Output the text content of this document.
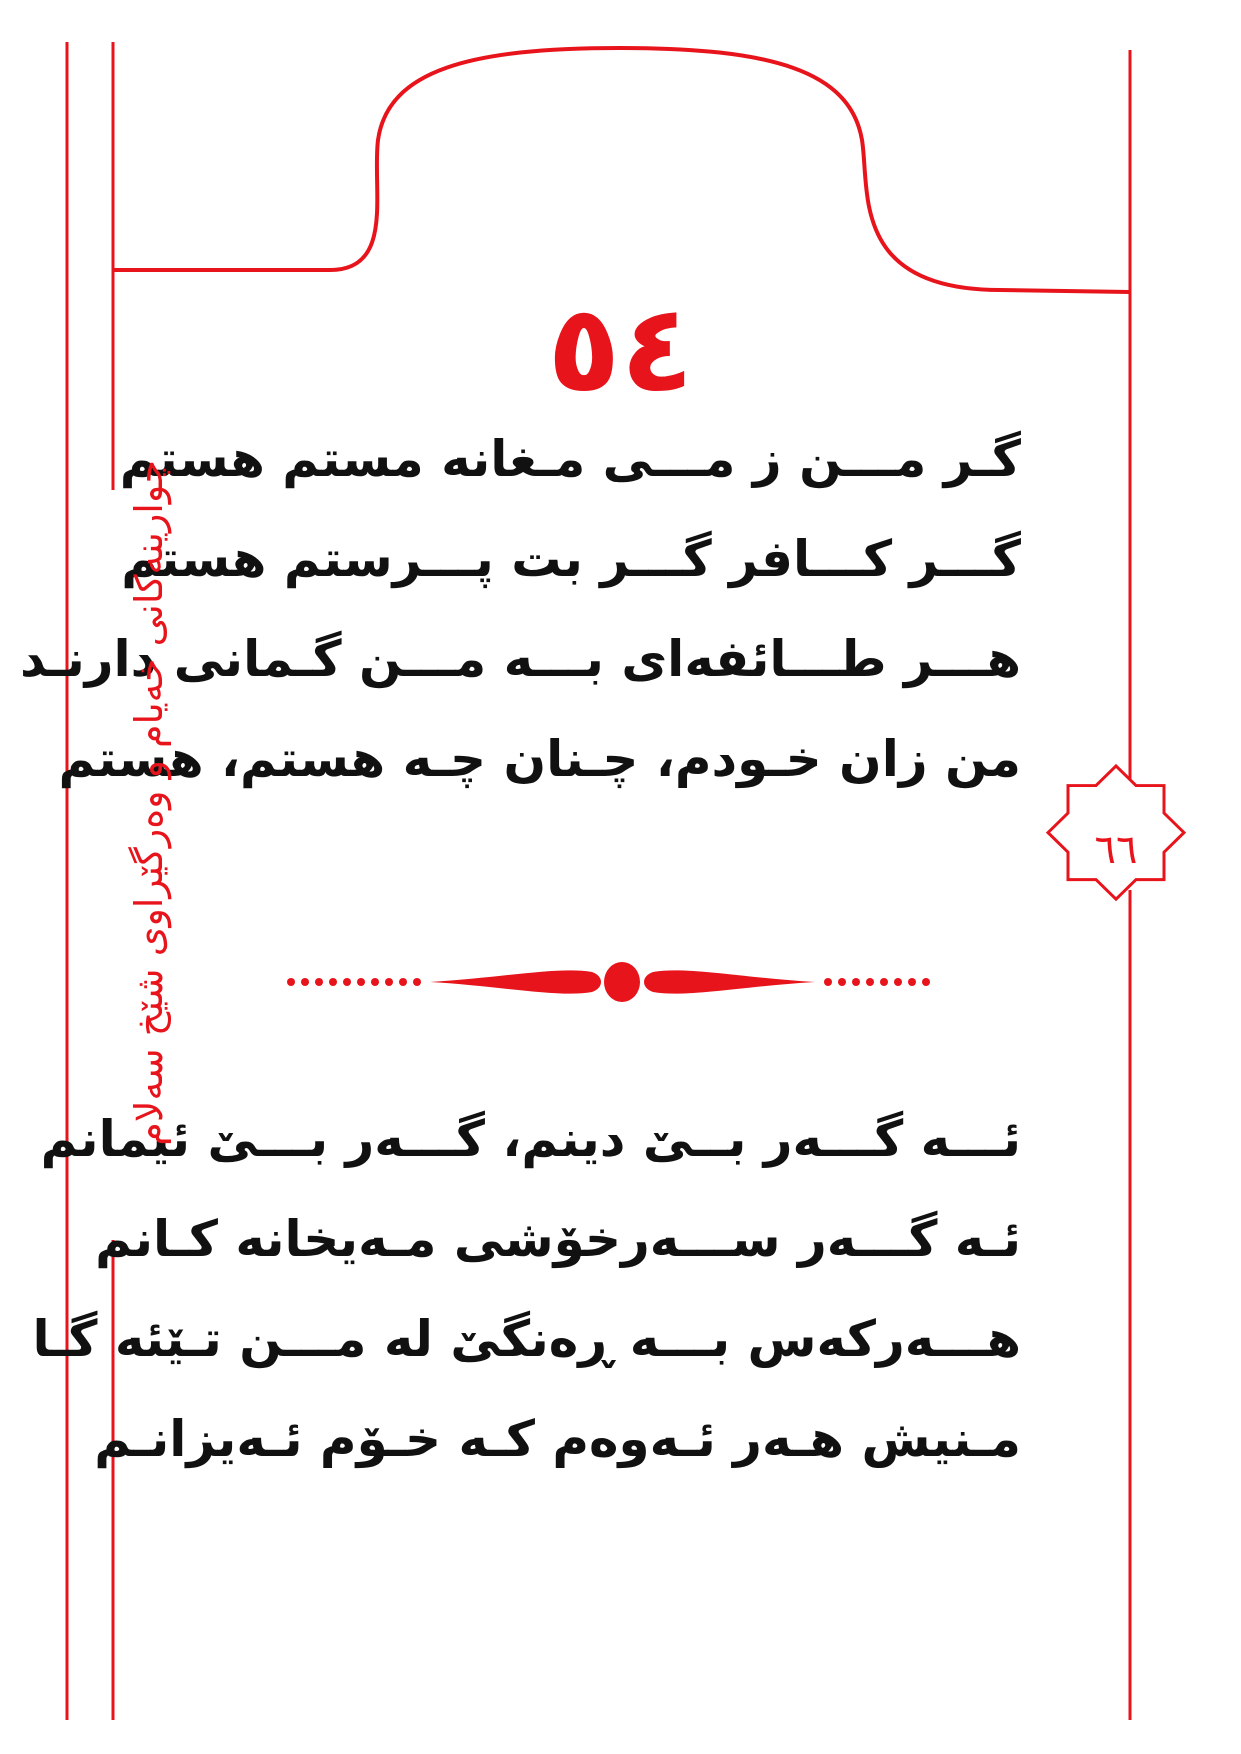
٥٤
گـر مـــن ز مـــی مـغانه مستم هستم
گـــر كـــافر گـــر بت پـــرستم هستم
هـــر طـــائفه‌ای بـــه مـــن گـمانی دارنـد
من زان خـودم، چـنان چـه هستم، هستم
ئـــه گـــه‌ر بــێ دینم، گـــه‌ر بـــێ ئیمانم
ئـه گـــه‌ر ســـه‌رخۆشی مـه‌یخانه كـانم
هـــه‌ركه‌س بـــه ڕه‌نگێ له مـــن تـێئه گـا
مـنیش هـه‌ر ئـه‌وه‌م كـه خـۆم ئـه‌یزانـم
چوارینه‌كانی خه‌یام و وه‌رگێراوی شێخ سه‌لام	٦٦
